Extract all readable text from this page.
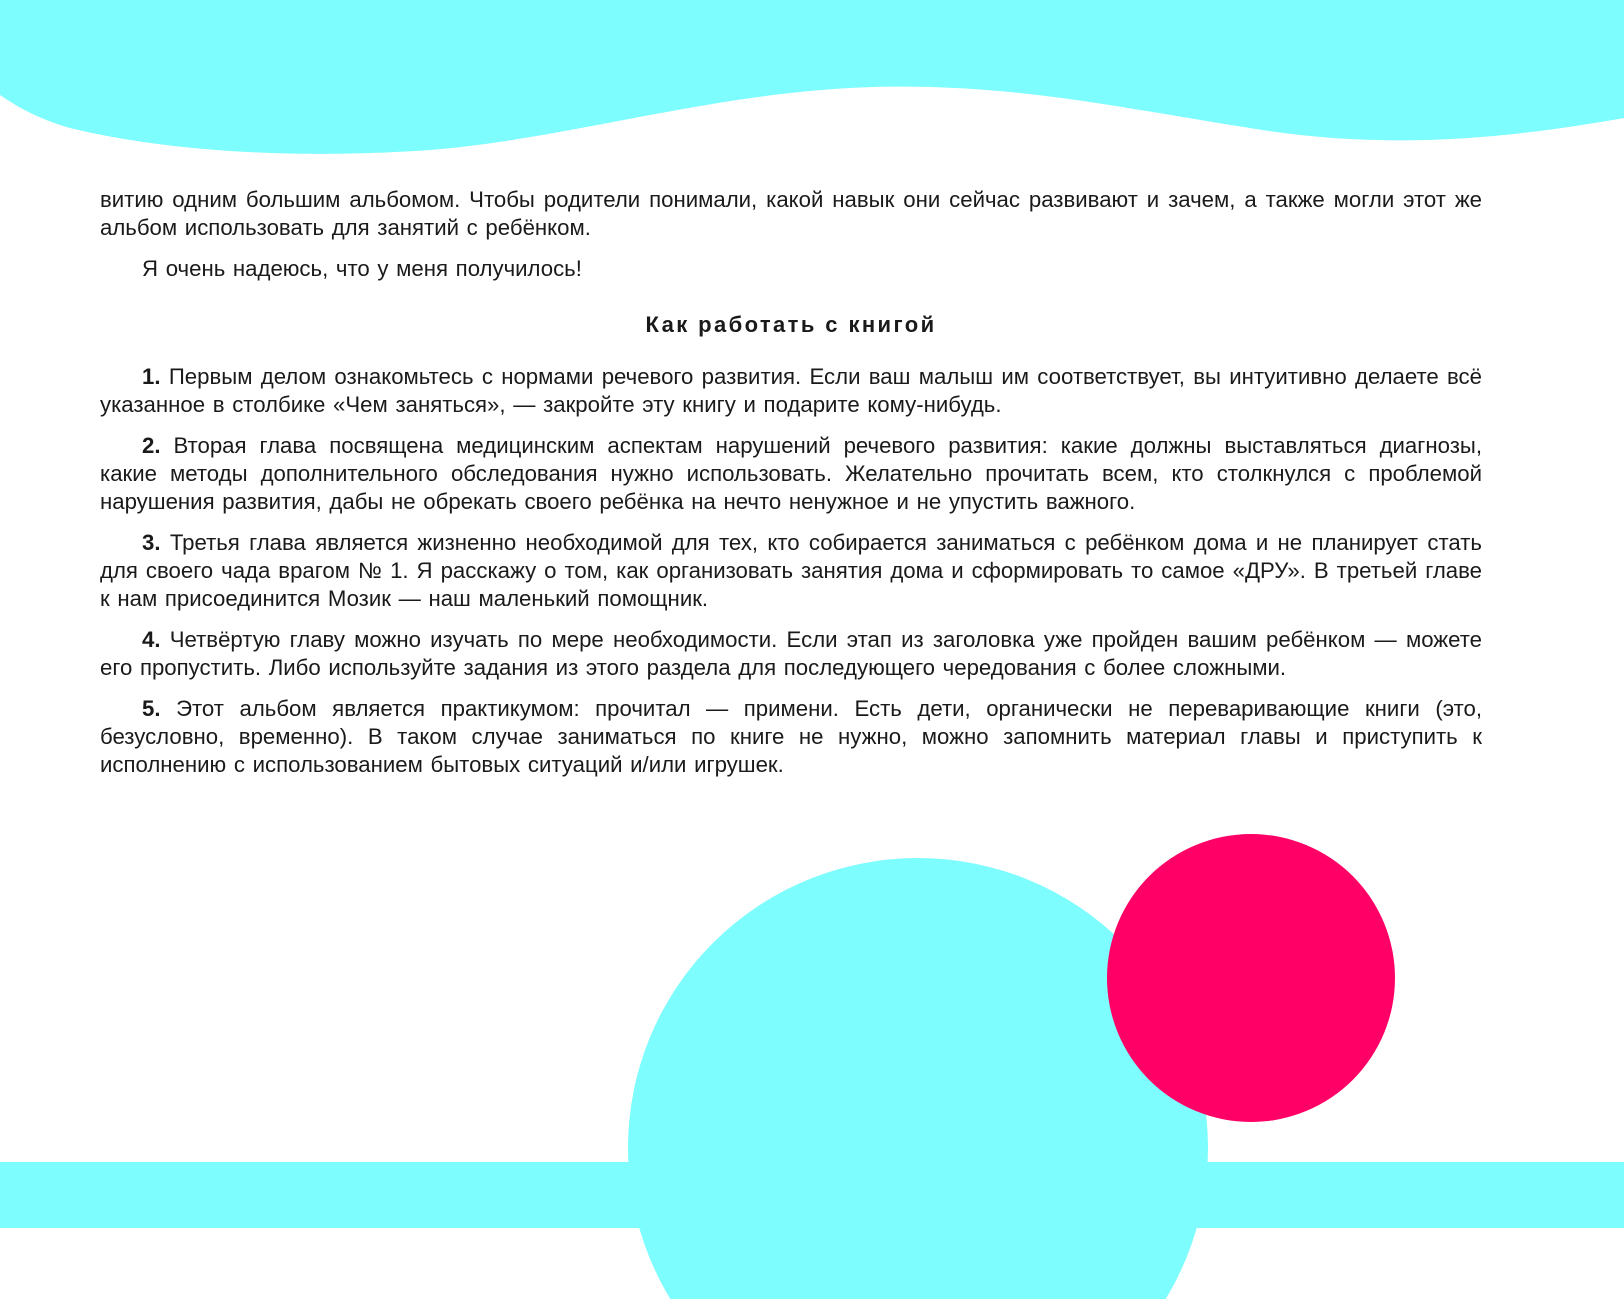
витию одним большим альбомом. Чтобы родители понимали, какой навык они сейчас развивают и зачем, а также могли этот же альбом использовать для занятий с ребёнком.

Я очень надеюсь, что у меня получилось!

Как работать с книгой

1. Первым делом ознакомьтесь с нормами речевого развития. Если ваш малыш им соответствует, вы интуитивно делаете всё указанное в столбике «Чем заняться», — закройте эту книгу и подарите кому-нибудь.

2. Вторая глава посвящена медицинским аспектам нарушений речевого развития: какие должны выставляться диагнозы, какие методы дополнительного обследования нужно использовать. Желательно прочитать всем, кто столкнулся с проблемой нарушения развития, дабы не обрекать своего ребёнка на нечто ненужное и не упустить важного.

3. Третья глава является жизненно необходимой для тех, кто собирается заниматься с ребёнком дома и не планирует стать для своего чада врагом № 1. Я расскажу о том, как организовать занятия дома и сформировать то самое «ДРУ». В третьей главе к нам присоединится Мозик — наш маленький помощник.

4. Четвёртую главу можно изучать по мере необходимости. Если этап из заголовка уже пройден вашим ребёнком — можете его пропустить. Либо используйте задания из этого раздела для последующего чередования с более сложными.

5. Этот альбом является практикумом: прочитал — примени. Есть дети, органически не переваривающие книги (это, безусловно, временно). В таком случае заниматься по книге не нужно, можно запомнить материал главы и приступить к исполнению с использованием бытовых ситуаций и/или игрушек.
